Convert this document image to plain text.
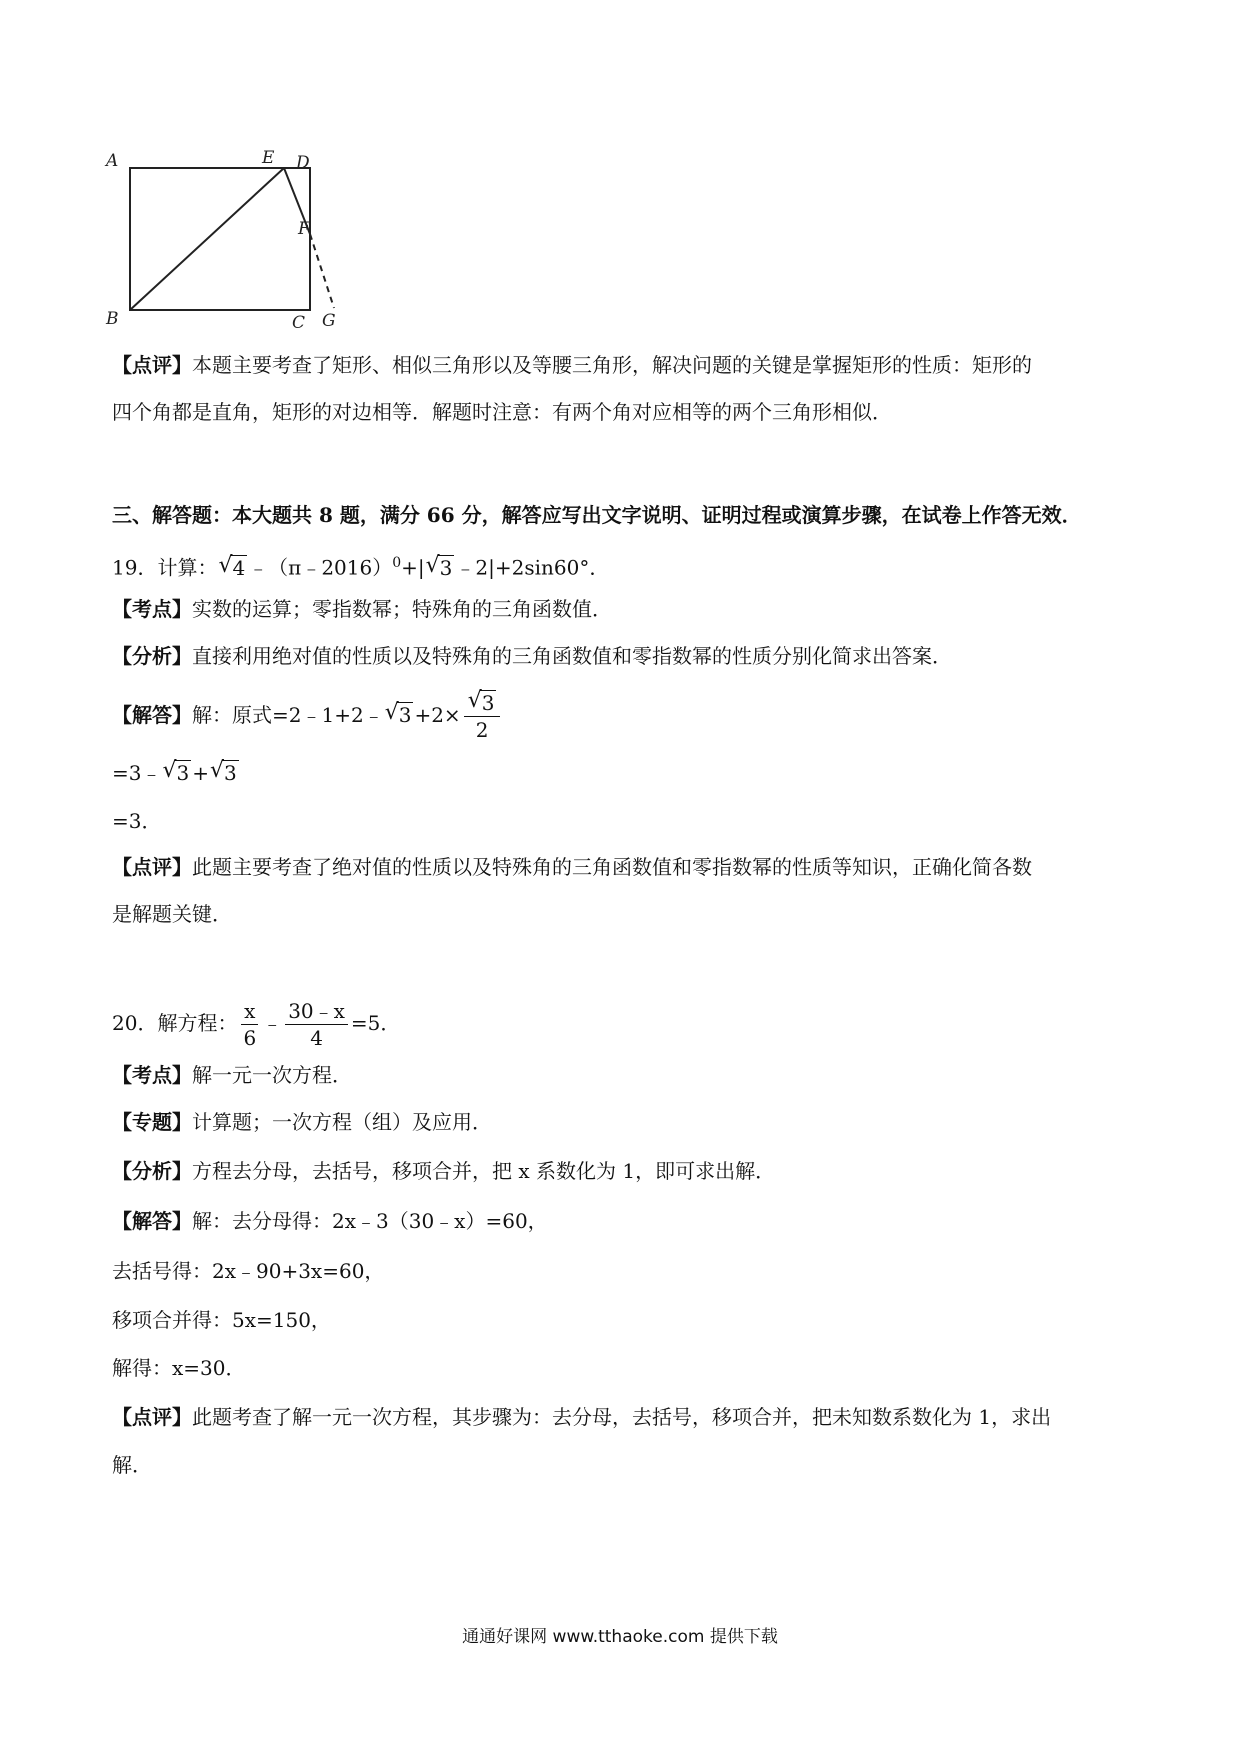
A	E D
F
B	C G
【点评】本题主要考查了矩形、相似三角形以及等腰三角形，解决问题的关键是掌握矩形的性质：矩形的
四个角都是直角，矩形的对边相等．解题时注意：有两个角对应相等的两个三角形相似．
三、解答题：本大题共 8 题，满分 66 分，解答应写出文字说明、证明过程或演算步骤，在试卷上作答无效．
19．计算： √ 4 ﹣（π﹣2016）$^0$+| √ 3 ﹣2|+2sin60°．
【考点】实数的运算；零指数幂；特殊角的三角函数值．
【分析】直接利用绝对值的性质以及特殊角的三角函数值和零指数幂的性质分别化简求出答案．
【解答】解：原式=2﹣1+2﹣ √ $3 +2\times \frac{√ 3}{2}$
=3﹣ √ 3 + √ 3
=3．
【点评】此题主要考查了绝对值的性质以及特殊角的三角函数值和零指数幂的性质等知识，正确化简各数
是解题关键．
20．解方程： $\frac{x}{6}$ ﹣ $\frac{30﹣x}{4} =5$．
【考点】解一元一次方程．
【专题】计算题；一次方程（组）及应用．
【分析】方程去分母，去括号，移项合并，把 x 系数化为 1，即可求出解．
【解答】解：去分母得：2x﹣3（30﹣x）=60，
去括号得：2x﹣90+3x=60，
移项合并得：5x=150，
解得：x=30．
【点评】此题考查了解一元一次方程，其步骤为：去分母，去括号，移项合并，把未知数系数化为 1，求出
解．
通通好课网 www.tthaoke.com 提供下载
